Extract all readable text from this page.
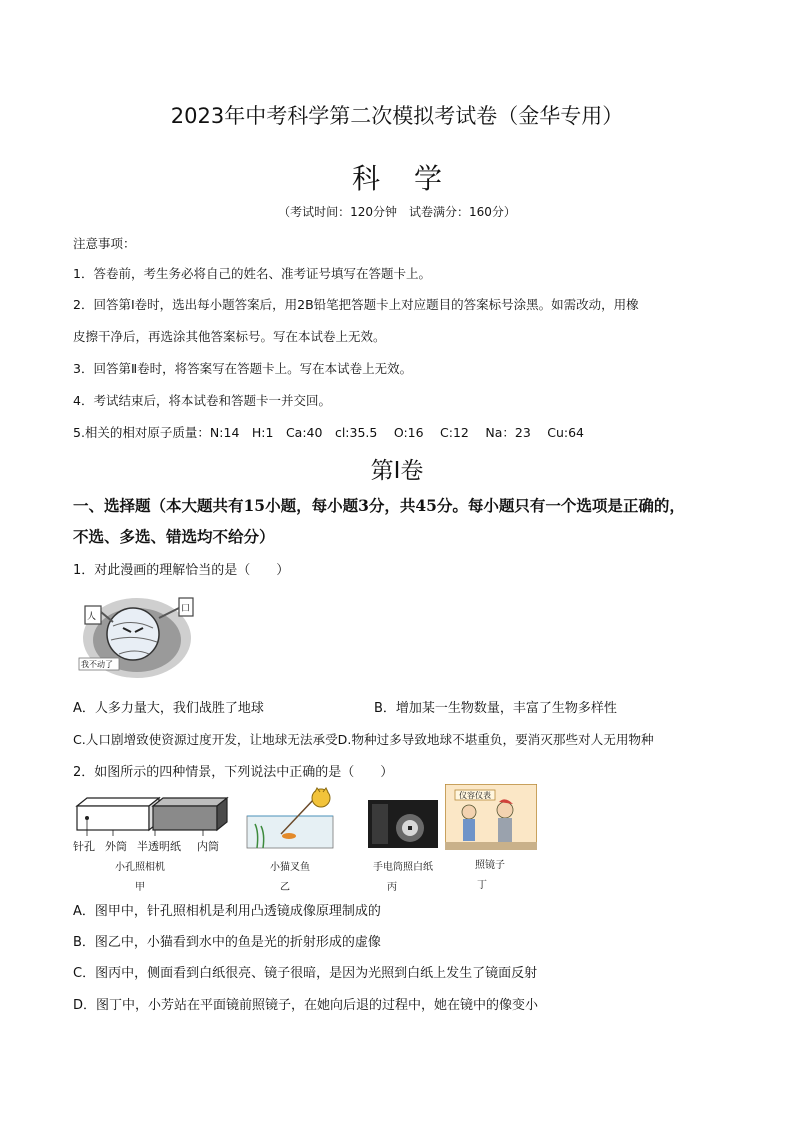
2023年中考科学第二次模拟考试卷（金华专用）
科学
（考试时间：120分钟　试卷满分：160分）
注意事项：
1．答卷前，考生务必将自己的姓名、准考证号填写在答题卡上。
2．回答第Ⅰ卷时，选出每小题答案后，用2B铅笔把答题卡上对应题目的答案标号涂黑。如需改动，用橡
皮擦干净后，再选涂其他答案标号。写在本试卷上无效。
3．回答第Ⅱ卷时，将答案写在答题卡上。写在本试卷上无效。
4．考试结束后，将本试卷和答题卡一并交回。
5.相关的相对原子质量：N:14　H:1　Ca:40　cl:35.5　 O:16　 C:12　 Na：23　 Cu:64
第Ⅰ卷
一、选择题（本大题共有15小题，每小题3分，共45分。每小题只有一个选项是正确的，
不选、多选、错选均不给分）
1．对此漫画的理解恰当的是（　　）
人
口
我不动了
A．人多力量大，我们战胜了地球	B．增加某一生物数量，丰富了生物多样性
C.人口剧增致使资源过度开发，让地球无法承受D.物种过多导致地球不堪重负，要消灭那些对人无用物种
2．如图所示的四种情景，下列说法中正确的是（　　）
针孔 外筒 半透明纸 内筒
小孔照相机
甲
小猫叉鱼
乙
手电筒照白纸
丙
仪容仪表
照镜子
丁
A．图甲中，针孔照相机是利用凸透镜成像原理制成的
B．图乙中，小猫看到水中的鱼是光的折射形成的虚像
C．图丙中，侧面看到白纸很亮、镜子很暗，是因为光照到白纸上发生了镜面反射
D．图丁中，小芳站在平面镜前照镜子，在她向后退的过程中，她在镜中的像变小
